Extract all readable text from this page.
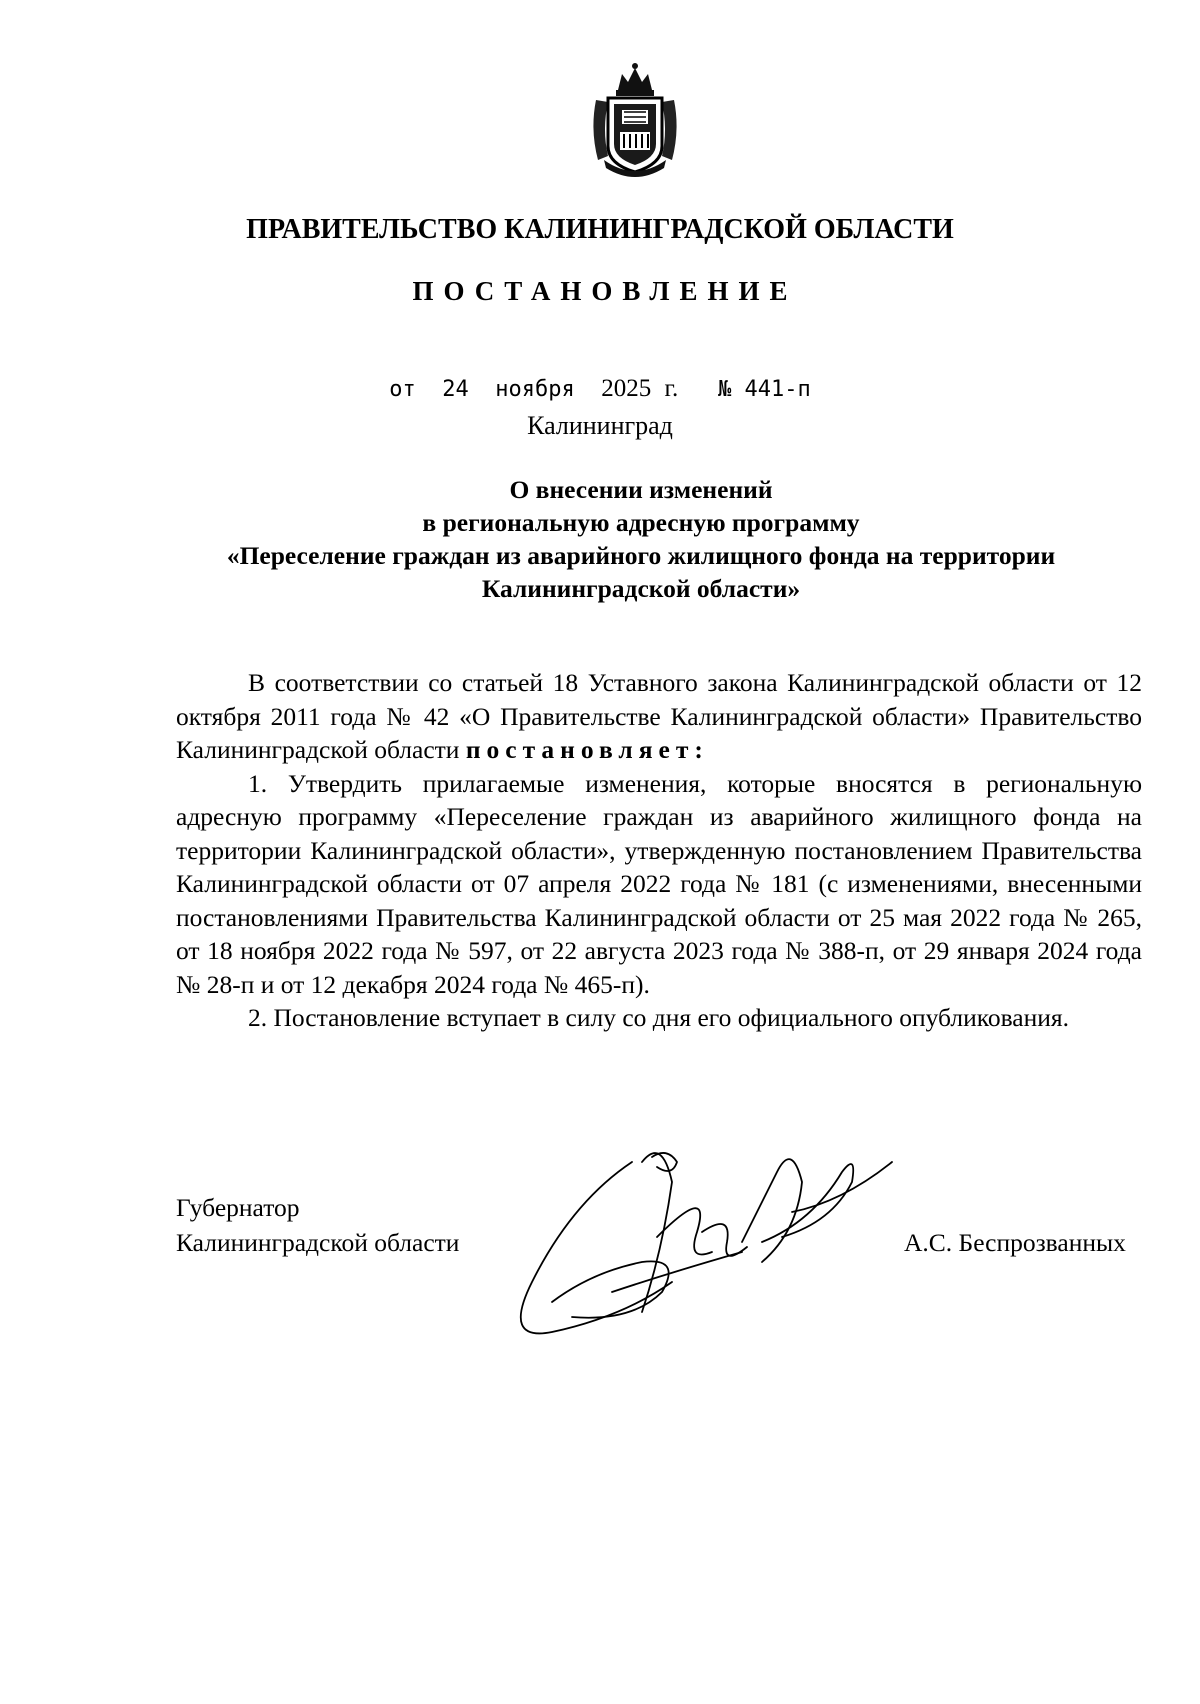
ПРАВИТЕЛЬСТВО КАЛИНИНГРАДСКОЙ ОБЛАСТИ
ПОСТАНОВЛЕНИЕ
от 24 ноября 2025 г. № 441-п
Калининград
О внесении изменений
в региональную адресную программу
«Переселение граждан из аварийного жилищного фонда на территории
Калининградской области»

В соответствии со статьей 18 Уставного закона Калининградской области от 12 октября 2011 года № 42 «О Правительстве Калининградской области» Правительство Калининградской области постановляет:

1. Утвердить прилагаемые изменения, которые вносятся в региональную адресную программу «Переселение граждан из аварийного жилищного фонда на территории Калининградской области», утвержденную постановлением Правительства Калининградской области от 07 апреля 2022 года № 181 (с изменениями, внесенными постановлениями Правительства Калининградской области от 25 мая 2022 года № 265, от 18 ноября 2022 года № 597, от 22 августа 2023 года № 388-п, от 29 января 2024 года № 28-п и от 12 декабря 2024 года № 465-п).

2. Постановление вступает в силу со дня его официального опубликования.

Губернатор
Калининградской области	А.С. Беспрозванных
